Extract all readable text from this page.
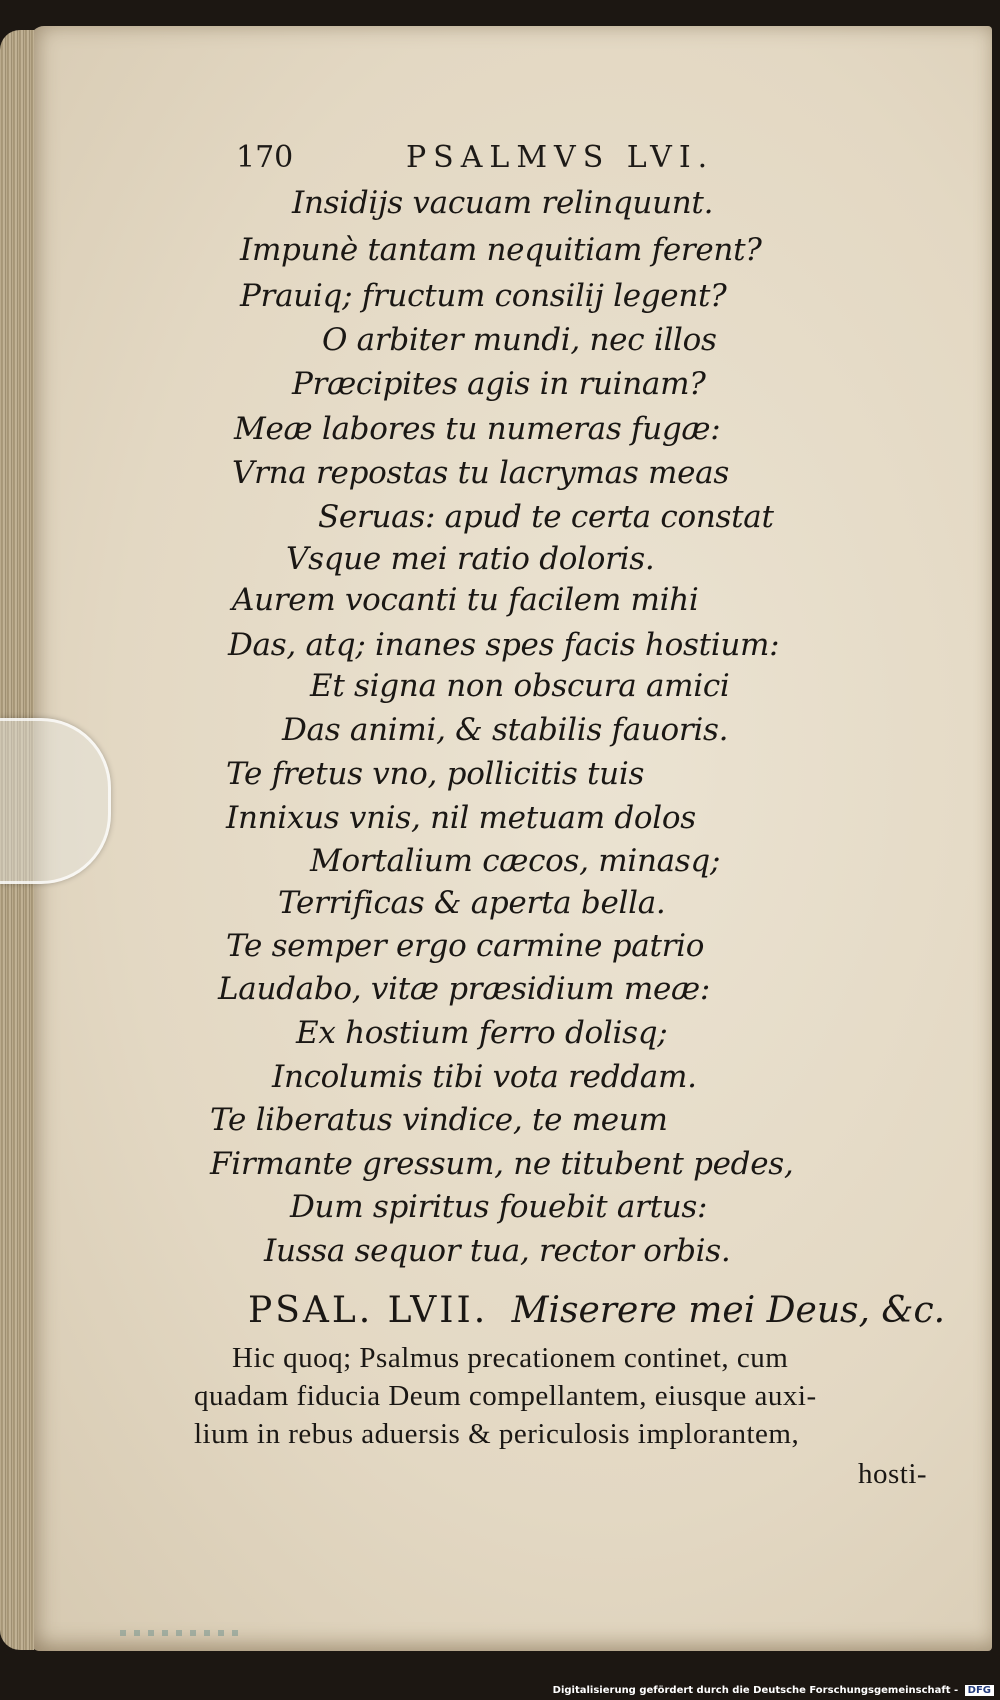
170	PSALMVS LVI.
Insidijs vacuam relinquunt.
Impunè tantam nequitiam ferent?
Prauiq; fructum consilij legent?
O arbiter mundi, nec illos
Præcipites agis in ruinam?
Meæ labores tu numeras fugæ:
Vrna repostas tu lacrymas meas
Seruas: apud te certa constat
Vsque mei ratio doloris.
Aurem vocanti tu facilem mihi
Das, atq; inanes spes facis hostium:
Et signa non obscura amici
Das animi, & stabilis fauoris.
Te fretus vno, pollicitis tuis
Innixus vnis, nil metuam dolos
Mortalium cæcos, minasq;
Terrificas & aperta bella.
Te semper ergo carmine patrio
Laudabo, vitæ præsidium meæ:
Ex hostium ferro dolisq;
Incolumis tibi vota reddam.
Te liberatus vindice, te meum
Firmante gressum, ne titubent pedes,
Dum spiritus fouebit artus:
Iussa sequor tua, rector orbis.
PSAL. LVII. Miserere mei Deus, &c.
Hic quoq; Psalmus precationem continet, cum
quadam fiducia Deum compellantem, eiusque auxi-
lium in rebus aduersis & periculosis implorantem,
hosti-
Digitalisierung gefördert durch die Deutsche Forschungsgemeinschaft - DFG
